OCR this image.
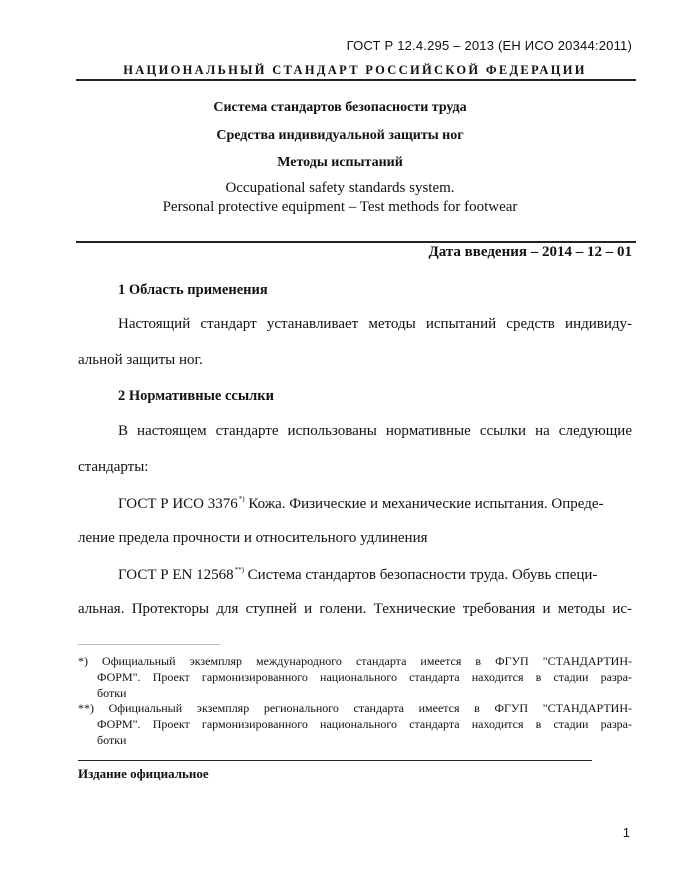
ГОСТ Р 12.4.295 – 2013 (ЕН ИСО 20344:2011)
НАЦИОНАЛЬНЫЙ СТАНДАРТ РОССИЙСКОЙ ФЕДЕРАЦИИ
Система стандартов безопасности труда
Средства индивидуальной защиты ног
Методы испытаний
Occupational safety standards system.
Personal protective equipment – Test methods for footwear
Дата введения – 2014 – 12 – 01
1 Область применения
Настоящий стандарт устанавливает методы испытаний средств индивиду-
альной защиты ног.
2 Нормативные ссылки
В настоящем стандарте использованы нормативные ссылки на следующие
стандарты:
ГОСТ Р ИСО 3376*) Кожа. Физические и механические испытания. Опреде-
ление предела прочности и относительного удлинения
ГОСТ Р EN 12568**) Система стандартов безопасности труда. Обувь специ-
альная. Протекторы для ступней и голени. Технические требования и методы ис-
*) Официальный экземпляр международного стандарта имеется в ФГУП "СТАНДАРТИН-
ФОРМ". Проект гармонизированного национального стандарта находится в стадии разра-
ботки
**) Официальный экземпляр регионального стандарта имеется в ФГУП "СТАНДАРТИН-
ФОРМ". Проект гармонизированного национального стандарта находится в стадии разра-
ботки
Издание официальное
1
